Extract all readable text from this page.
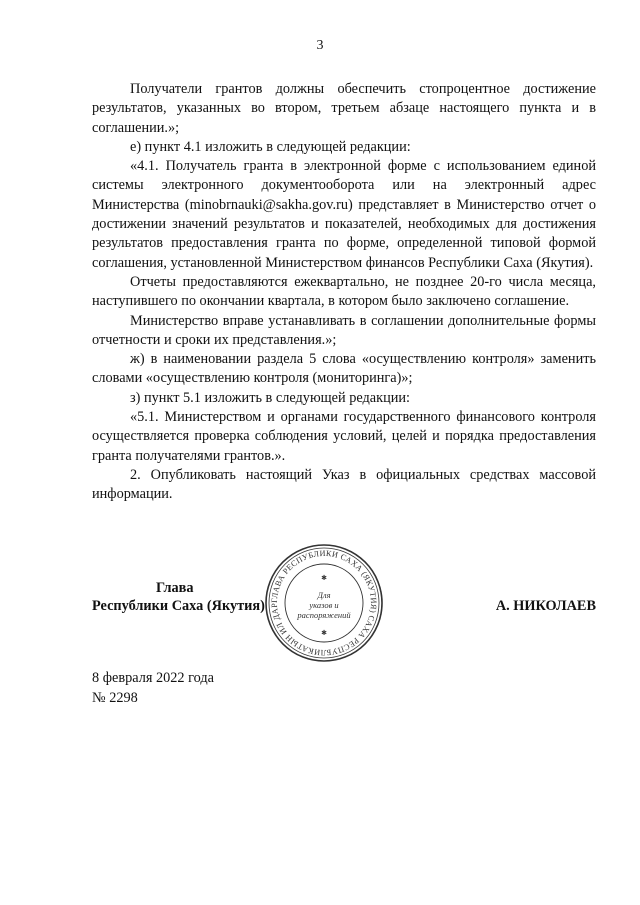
3

Получатели грантов должны обеспечить стопроцентное достижение результатов, указанных во втором, третьем абзаце настоящего пункта и в соглашении.»;

е) пункт 4.1 изложить в следующей редакции:

«4.1. Получатель гранта в электронной форме с использованием единой системы электронного документооборота или на электронный адрес Министерства (minobrnauki@sakha.gov.ru) представляет в Министерство отчет о достижении значений результатов и показателей, необходимых для достижения результатов предоставления гранта по форме, определенной типовой формой соглашения, установленной Министерством финансов Республики Саха (Якутия).

Отчеты предоставляются ежеквартально, не позднее 20-го числа месяца, наступившего по окончании квартала, в котором было заключено соглашение.

Министерство вправе устанавливать в соглашении дополнительные формы отчетности и сроки их представления.»;

ж) в наименовании раздела 5 слова «осуществлению контроля» заменить словами «осуществлению контроля (мониторинга)»;

з) пункт 5.1 изложить в следующей редакции:

«5.1. Министерством и органами государственного финансового контроля осуществляется проверка соблюдения условий, целей и порядка предоставления гранта получателями грантов.».

2. Опубликовать настоящий Указ в официальных средствах массовой информации.

Глава
Республики Саха (Якутия)	А. НИКОЛАЕВ
ГЛАВА РЕСПУБЛИКИ САХА (ЯКУТИЯ) САХА РЕСПУБЛИКАТЫН ИЛ ДАР
Для
указов и
распоряжений
✱
✱
8 февраля 2022 года
№ 2298
